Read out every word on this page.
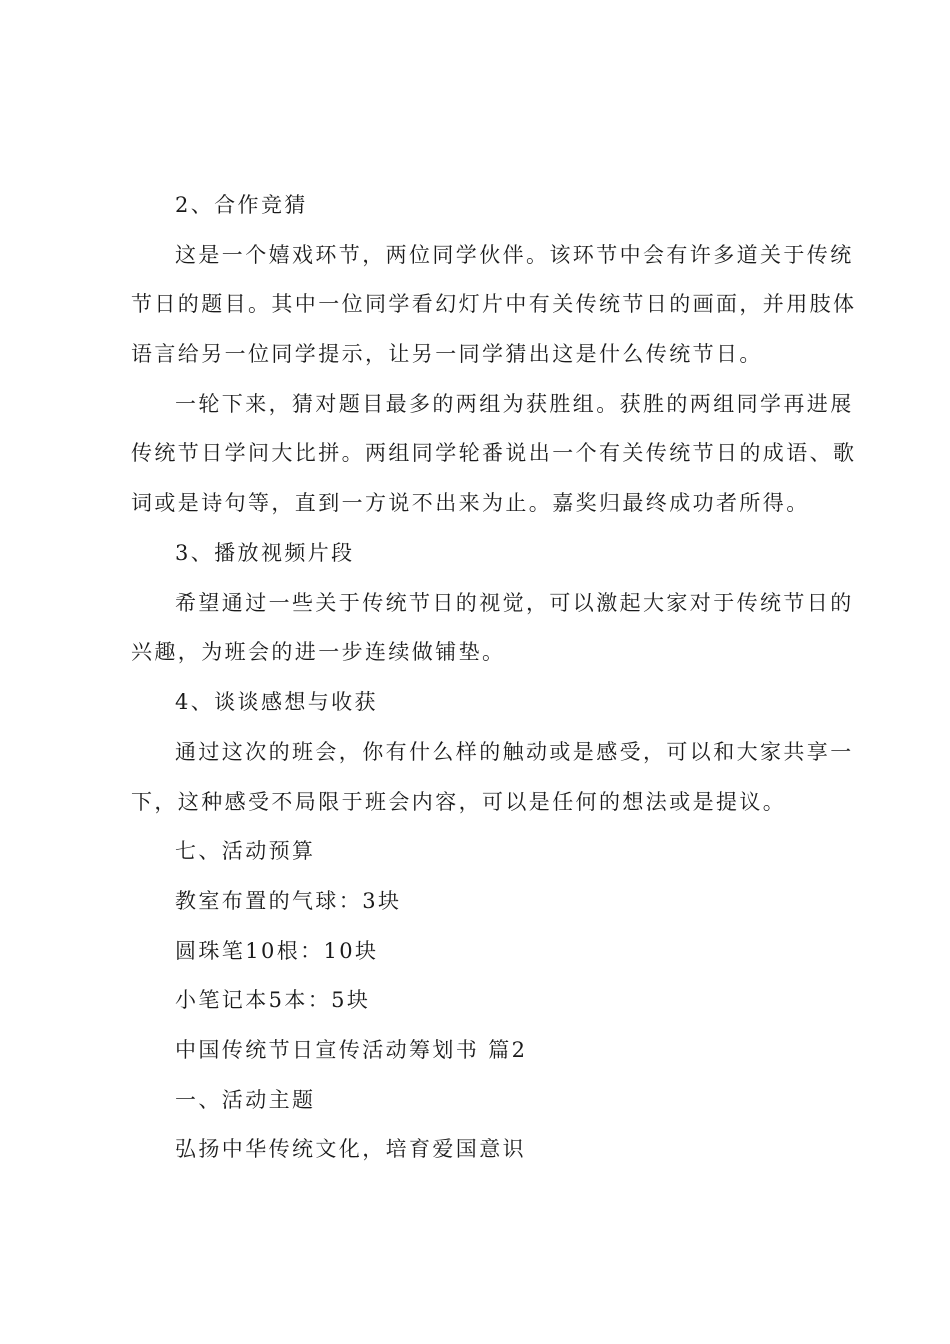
2、合作竞猜
这是一个嬉戏环节，两位同学伙伴。该环节中会有许多道关于传统
节日的题目。其中一位同学看幻灯片中有关传统节日的画面，并用肢体
语言给另一位同学提示，让另一同学猜出这是什么传统节日。
一轮下来，猜对题目最多的两组为获胜组。获胜的两组同学再进展
传统节日学问大比拼。两组同学轮番说出一个有关传统节日的成语、歌
词或是诗句等，直到一方说不出来为止。嘉奖归最终成功者所得。
3、播放视频片段
希望通过一些关于传统节日的视觉，可以激起大家对于传统节日的
兴趣，为班会的进一步连续做铺垫。
4、谈谈感想与收获
通过这次的班会，你有什么样的触动或是感受，可以和大家共享一
下，这种感受不局限于班会内容，可以是任何的想法或是提议。
七、活动预算
教室布置的气球：3块
圆珠笔10根：10块
小笔记本5本：5块
中国传统节日宣传活动筹划书 篇2
一、活动主题
弘扬中华传统文化，培育爱国意识
